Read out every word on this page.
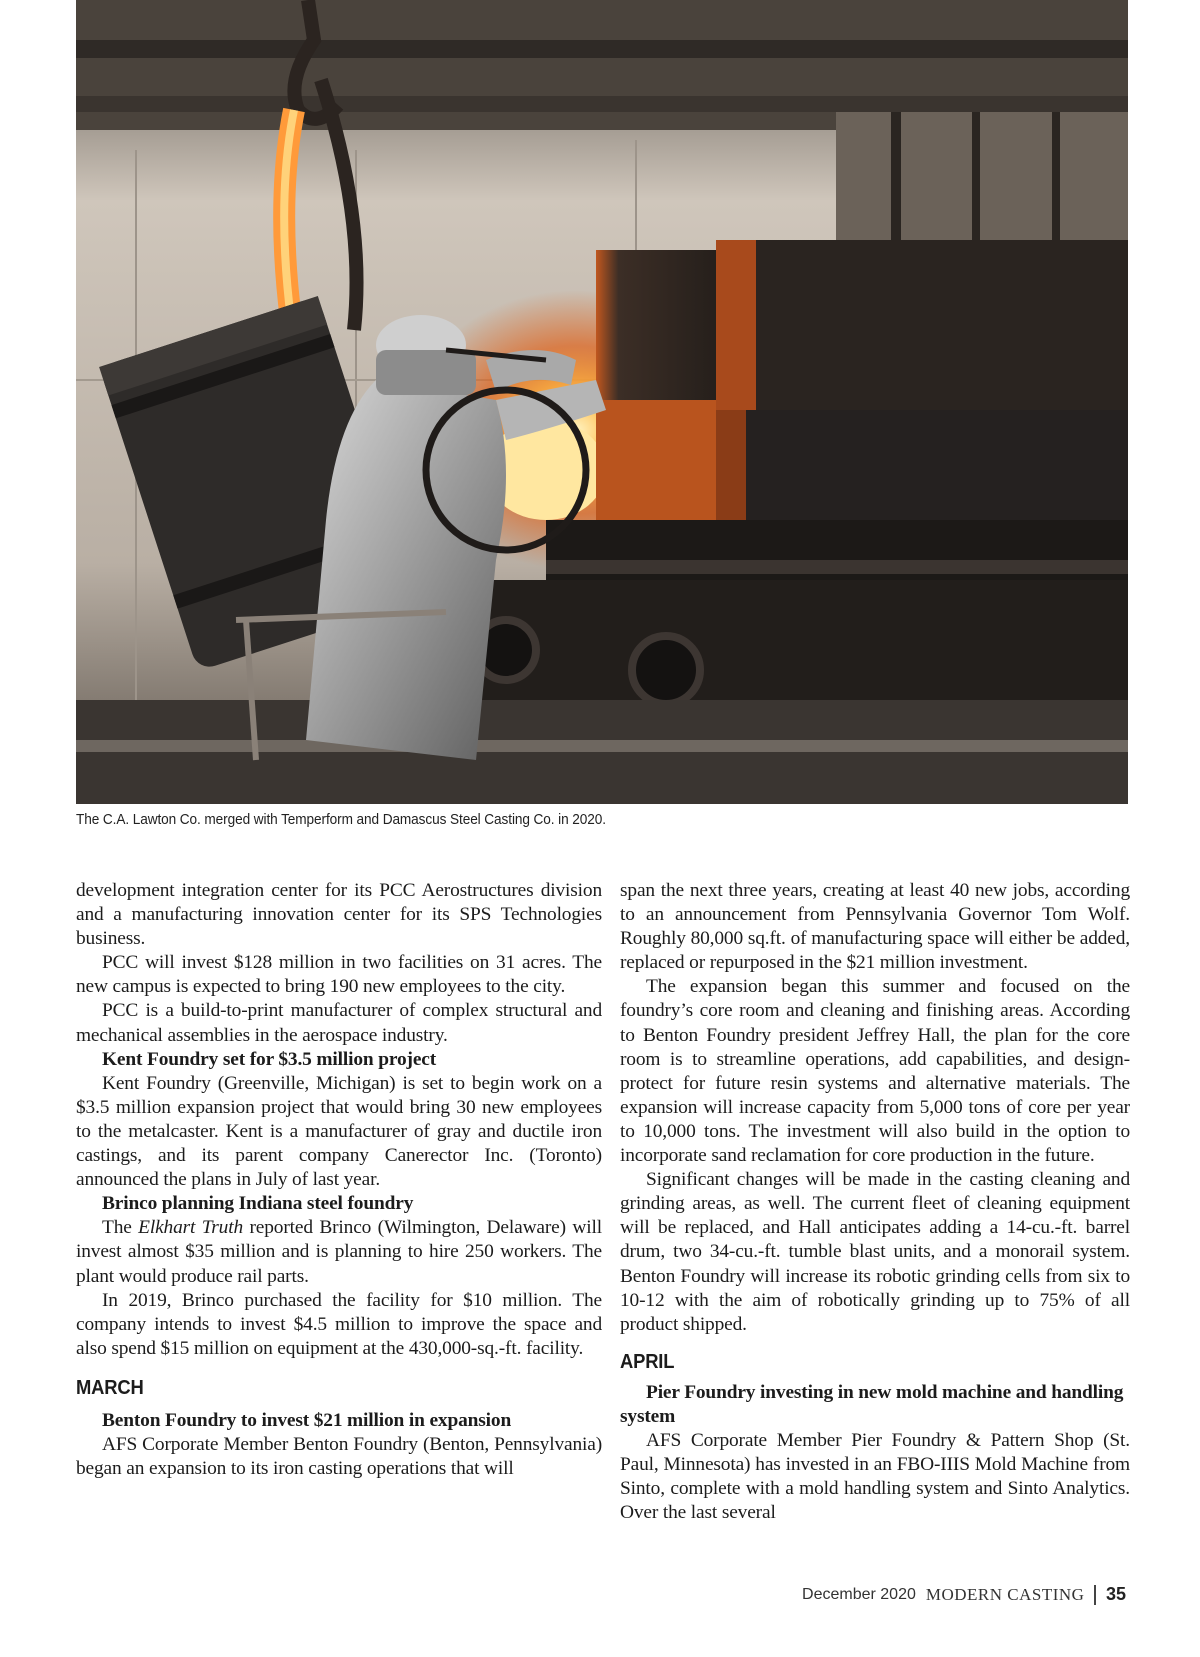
The C.A. Lawton Co. merged with Temperform and Damascus Steel Casting Co. in 2020.

development integration center for its PCC Aerostructures division and a manufacturing innovation center for its SPS Technologies business.

PCC will invest $128 million in two facilities on 31 acres. The new campus is expected to bring 190 new employees to the city.

PCC is a build-to-print manufacturer of complex structural and mechanical assemblies in the aerospace industry.

Kent Foundry set for $3.5 million project

Kent Foundry (Greenville, Michigan) is set to begin work on a $3.5 million expansion project that would bring 30 new employees to the metalcaster. Kent is a manufacturer of gray and ductile iron castings, and its parent company Canerector Inc. (Toronto) announced the plans in July of last year.

Brinco planning Indiana steel foundry

The Elkhart Truth reported Brinco (Wilmington, Delaware) will invest almost $35 million and is planning to hire 250 workers. The plant would produce rail parts.

In 2019, Brinco purchased the facility for $10 million. The company intends to invest $4.5 million to improve the space and also spend $15 million on equipment at the 430,000-sq.-ft. facility.

MARCH

Benton Foundry to invest $21 million in expansion

AFS Corporate Member Benton Foundry (Benton, Pennsylvania) began an expansion to its iron casting operations that will

span the next three years, creating at least 40 new jobs, according to an announcement from Pennsylvania Governor Tom Wolf. Roughly 80,000 sq.ft. of manufacturing space will either be added, replaced or repurposed in the $21 million investment.

The expansion began this summer and focused on the foundry’s core room and cleaning and finishing areas. According to Benton Foundry president Jeffrey Hall, the plan for the core room is to streamline operations, add capabilities, and design-protect for future resin systems and alternative materials. The expansion will increase capacity from 5,000 tons of core per year to 10,000 tons. The investment will also build in the option to incorporate sand reclamation for core production in the future.

Significant changes will be made in the casting cleaning and grinding areas, as well. The current fleet of cleaning equipment will be replaced, and Hall anticipates adding a 14-cu.-ft. barrel drum, two 34-cu.-ft. tumble blast units, and a monorail system. Benton Foundry will increase its robotic grinding cells from six to 10-12 with the aim of robotically grinding up to 75% of all product shipped.

APRIL

Pier Foundry investing in new mold machine and handling system

AFS Corporate Member Pier Foundry & Pattern Shop (St. Paul, Minnesota) has invested in an FBO-IIIS Mold Machine from Sinto, complete with a mold handling system and Sinto Analytics. Over the last several

December 2020 MODERN CASTING 35
